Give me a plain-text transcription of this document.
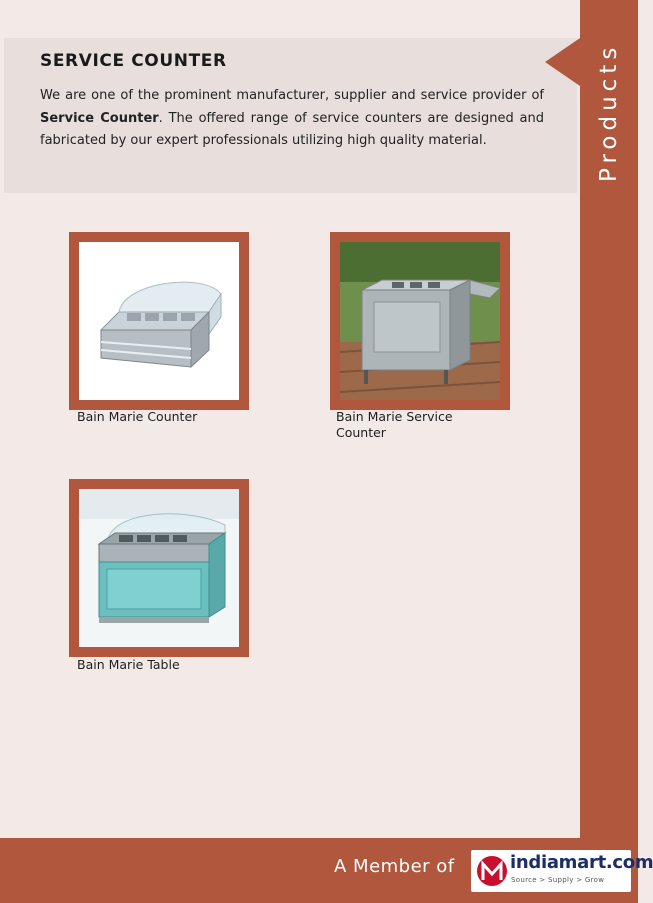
Products
SERVICE COUNTER

We are one of the prominent manufacturer, supplier and service provider of Service Counter. The offered range of service counters are designed and fabricated by our expert professionals utilizing high quality material.

Bain Marie Counter	Bain Marie Service Counter
Bain Marie Table
A Member of	indiamart.com
Source > Supply > Grow
